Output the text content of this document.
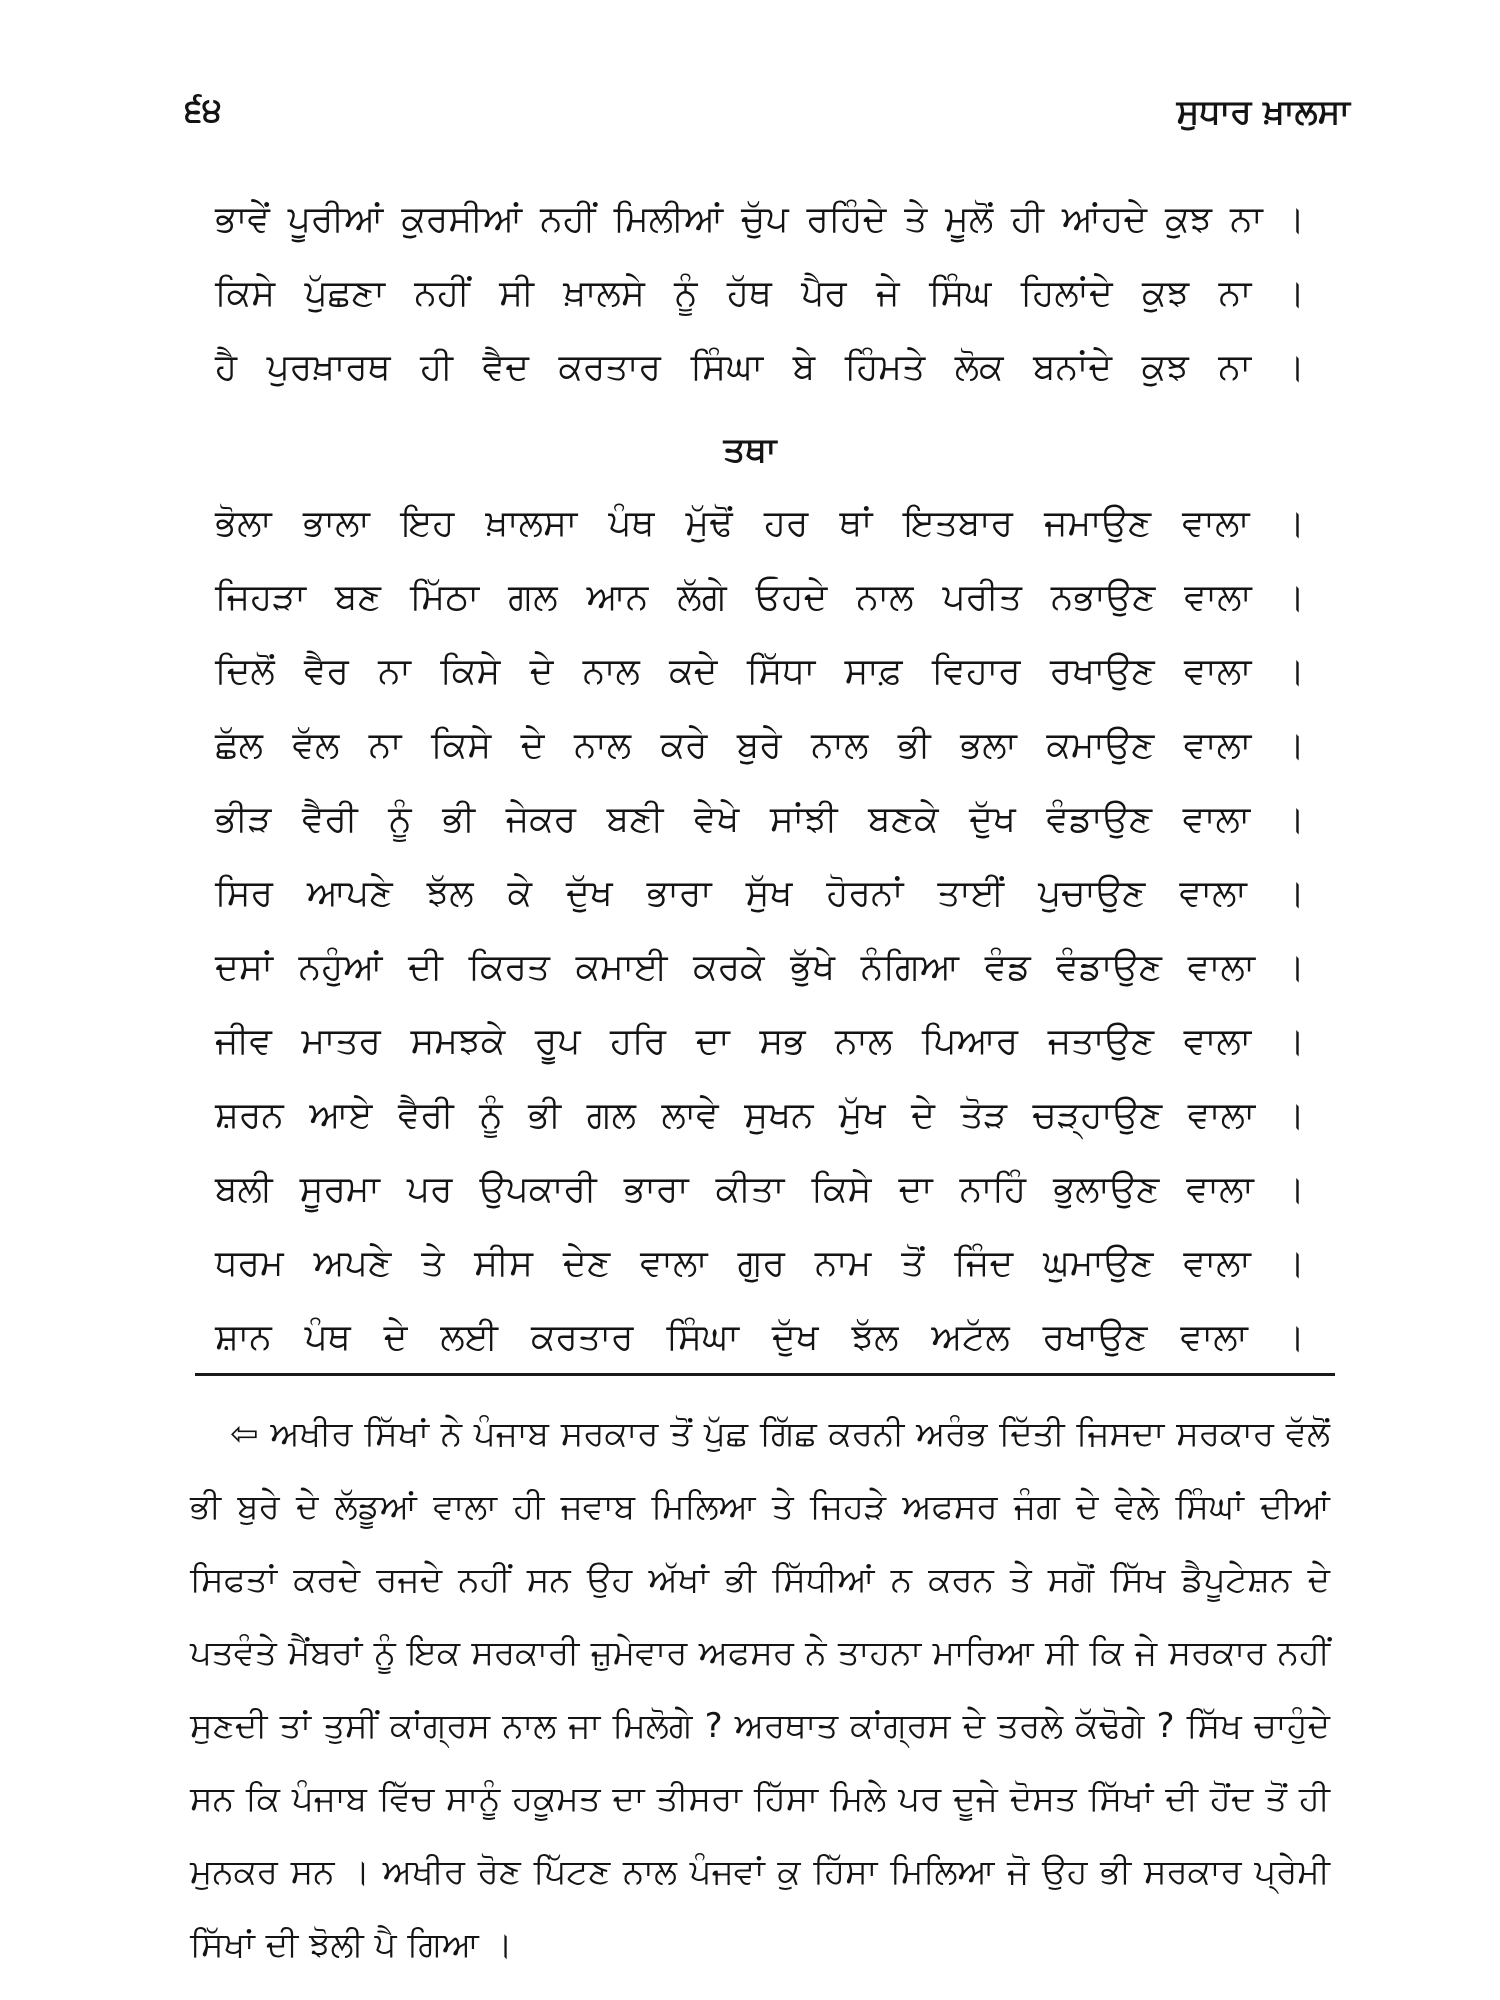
੬੪	ਸੁਧਾਰ ਖ਼ਾਲਸਾ
ਭਾਵੇਂ ਪੂਰੀਆਂ ਕੁਰਸੀਆਂ ਨਹੀਂ ਮਿਲੀਆਂ ਚੁੱਪ ਰਹਿੰਦੇ ਤੇ ਮੂਲੋਂ ਹੀ ਆਂਹਦੇ ਕੁਝ ਨਾ ।
ਕਿਸੇ ਪੁੱਛਣਾ ਨਹੀਂ ਸੀ ਖ਼ਾਲਸੇ ਨੂੰ ਹੱਥ ਪੈਰ ਜੇ ਸਿੰਘ ਹਿਲਾਂਦੇ ਕੁਝ ਨਾ ।
ਹੈ ਪੁਰਖ਼ਾਰਥ ਹੀ ਵੈਦ ਕਰਤਾਰ ਸਿੰਘਾ ਬੇ ਹਿੰਮਤੇ ਲੋਕ ਬਨਾਂਦੇ ਕੁਝ ਨਾ ।
ਤਥਾ
ਭੋਲਾ ਭਾਲਾ ਇਹ ਖ਼ਾਲਸਾ ਪੰਥ ਮੁੱਢੋਂ ਹਰ ਥਾਂ ਇਤਬਾਰ ਜਮਾਉਣ ਵਾਲਾ ।
ਜਿਹੜਾ ਬਣ ਮਿੱਠਾ ਗਲ ਆਨ ਲੱਗੇ ਓਹਦੇ ਨਾਲ ਪਰੀਤ ਨਭਾਉਣ ਵਾਲਾ ।
ਦਿਲੋਂ ਵੈਰ ਨਾ ਕਿਸੇ ਦੇ ਨਾਲ ਕਦੇ ਸਿੱਧਾ ਸਾਫ਼ ਵਿਹਾਰ ਰਖਾਉਣ ਵਾਲਾ ।
ਛੱਲ ਵੱਲ ਨਾ ਕਿਸੇ ਦੇ ਨਾਲ ਕਰੇ ਬੁਰੇ ਨਾਲ ਭੀ ਭਲਾ ਕਮਾਉਣ ਵਾਲਾ ।
ਭੀੜ ਵੈਰੀ ਨੂੰ ਭੀ ਜੇਕਰ ਬਣੀ ਵੇਖੇ ਸਾਂਝੀ ਬਣਕੇ ਦੁੱਖ ਵੰਡਾਉਣ ਵਾਲਾ ।
ਸਿਰ ਆਪਣੇ ਝੱਲ ਕੇ ਦੁੱਖ ਭਾਰਾ ਸੁੱਖ ਹੋਰਨਾਂ ਤਾਈਂ ਪੁਚਾਉਣ ਵਾਲਾ ।
ਦਸਾਂ ਨਹੁੰਆਂ ਦੀ ਕਿਰਤ ਕਮਾਈ ਕਰਕੇ ਭੁੱਖੇ ਨੰਗਿਆ ਵੰਡ ਵੰਡਾਉਣ ਵਾਲਾ ।
ਜੀਵ ਮਾਤਰ ਸਮਝਕੇ ਰੂਪ ਹਰਿ ਦਾ ਸਭ ਨਾਲ ਪਿਆਰ ਜਤਾਉਣ ਵਾਲਾ ।
ਸ਼ਰਨ ਆਏ ਵੈਰੀ ਨੂੰ ਭੀ ਗਲ ਲਾਵੇ ਸੁਖਨ ਮੁੱਖ ਦੇ ਤੋੜ ਚੜ੍ਹਾਉਣ ਵਾਲਾ ।
ਬਲੀ ਸੂਰਮਾ ਪਰ ਉਪਕਾਰੀ ਭਾਰਾ ਕੀਤਾ ਕਿਸੇ ਦਾ ਨਾਹਿੰ ਭੁਲਾਉਣ ਵਾਲਾ ।
ਧਰਮ ਅਪਣੇ ਤੇ ਸੀਸ ਦੇਣ ਵਾਲਾ ਗੁਰ ਨਾਮ ਤੋਂ ਜਿੰਦ ਘੁਮਾਉਣ ਵਾਲਾ ।
ਸ਼ਾਨ ਪੰਥ ਦੇ ਲਈ ਕਰਤਾਰ ਸਿੰਘਾ ਦੁੱਖ ਝੱਲ ਅਟੱਲ ਰਖਾਉਣ ਵਾਲਾ ।
⇦ ਅਖੀਰ ਸਿੱਖਾਂ ਨੇ ਪੰਜਾਬ ਸਰਕਾਰ ਤੋਂ ਪੁੱਛ ਗਿੱਛ ਕਰਨੀ ਅਰੰਭ ਦਿੱਤੀ ਜਿਸਦਾ ਸਰਕਾਰ ਵੱਲੋਂ ਭੀ ਬੁਰੇ ਦੇ ਲੱਡੂਆਂ ਵਾਲਾ ਹੀ ਜਵਾਬ ਮਿਲਿਆ ਤੇ ਜਿਹੜੇ ਅਫਸਰ ਜੰਗ ਦੇ ਵੇਲੇ ਸਿੰਘਾਂ ਦੀਆਂ ਸਿਫਤਾਂ ਕਰਦੇ ਰਜਦੇ ਨਹੀਂ ਸਨ ਉਹ ਅੱਖਾਂ ਭੀ ਸਿੱਧੀਆਂ ਨ ਕਰਨ ਤੇ ਸਗੋਂ ਸਿੱਖ ਡੈਪੂਟੇਸ਼ਨ ਦੇ ਪਤਵੰਤੇ ਮੈਂਬਰਾਂ ਨੂੰ ਇਕ ਸਰਕਾਰੀ ਜ਼ੁਮੇਵਾਰ ਅਫਸਰ ਨੇ ਤਾਹਨਾ ਮਾਰਿਆ ਸੀ ਕਿ ਜੇ ਸਰਕਾਰ ਨਹੀਂ ਸੁਣਦੀ ਤਾਂ ਤੁਸੀਂ ਕਾਂਗ੍ਰਸ ਨਾਲ ਜਾ ਮਿਲੋਗੇ ? ਅਰਥਾਤ ਕਾਂਗ੍ਰਸ ਦੇ ਤਰਲੇ ਕੱਢੋਗੇ ? ਸਿੱਖ ਚਾਹੁੰਦੇ ਸਨ ਕਿ ਪੰਜਾਬ ਵਿੱਚ ਸਾਨੂੰ ਹਕੂਮਤ ਦਾ ਤੀਸਰਾ ਹਿੱਸਾ ਮਿਲੇ ਪਰ ਦੂਜੇ ਦੋਸਤ ਸਿੱਖਾਂ ਦੀ ਹੋਂਦ ਤੋਂ ਹੀ ਮੁਨਕਰ ਸਨ । ਅਖੀਰ ਰੋਣ ਪਿੱਟਣ ਨਾਲ ਪੰਜਵਾਂ ਕੁ ਹਿੱਸਾ ਮਿਲਿਆ ਜੋ ਉਹ ਭੀ ਸਰਕਾਰ ਪ੍ਰੇਮੀ ਸਿੱਖਾਂ ਦੀ ਝੋਲੀ ਪੈ ਗਿਆ ।
